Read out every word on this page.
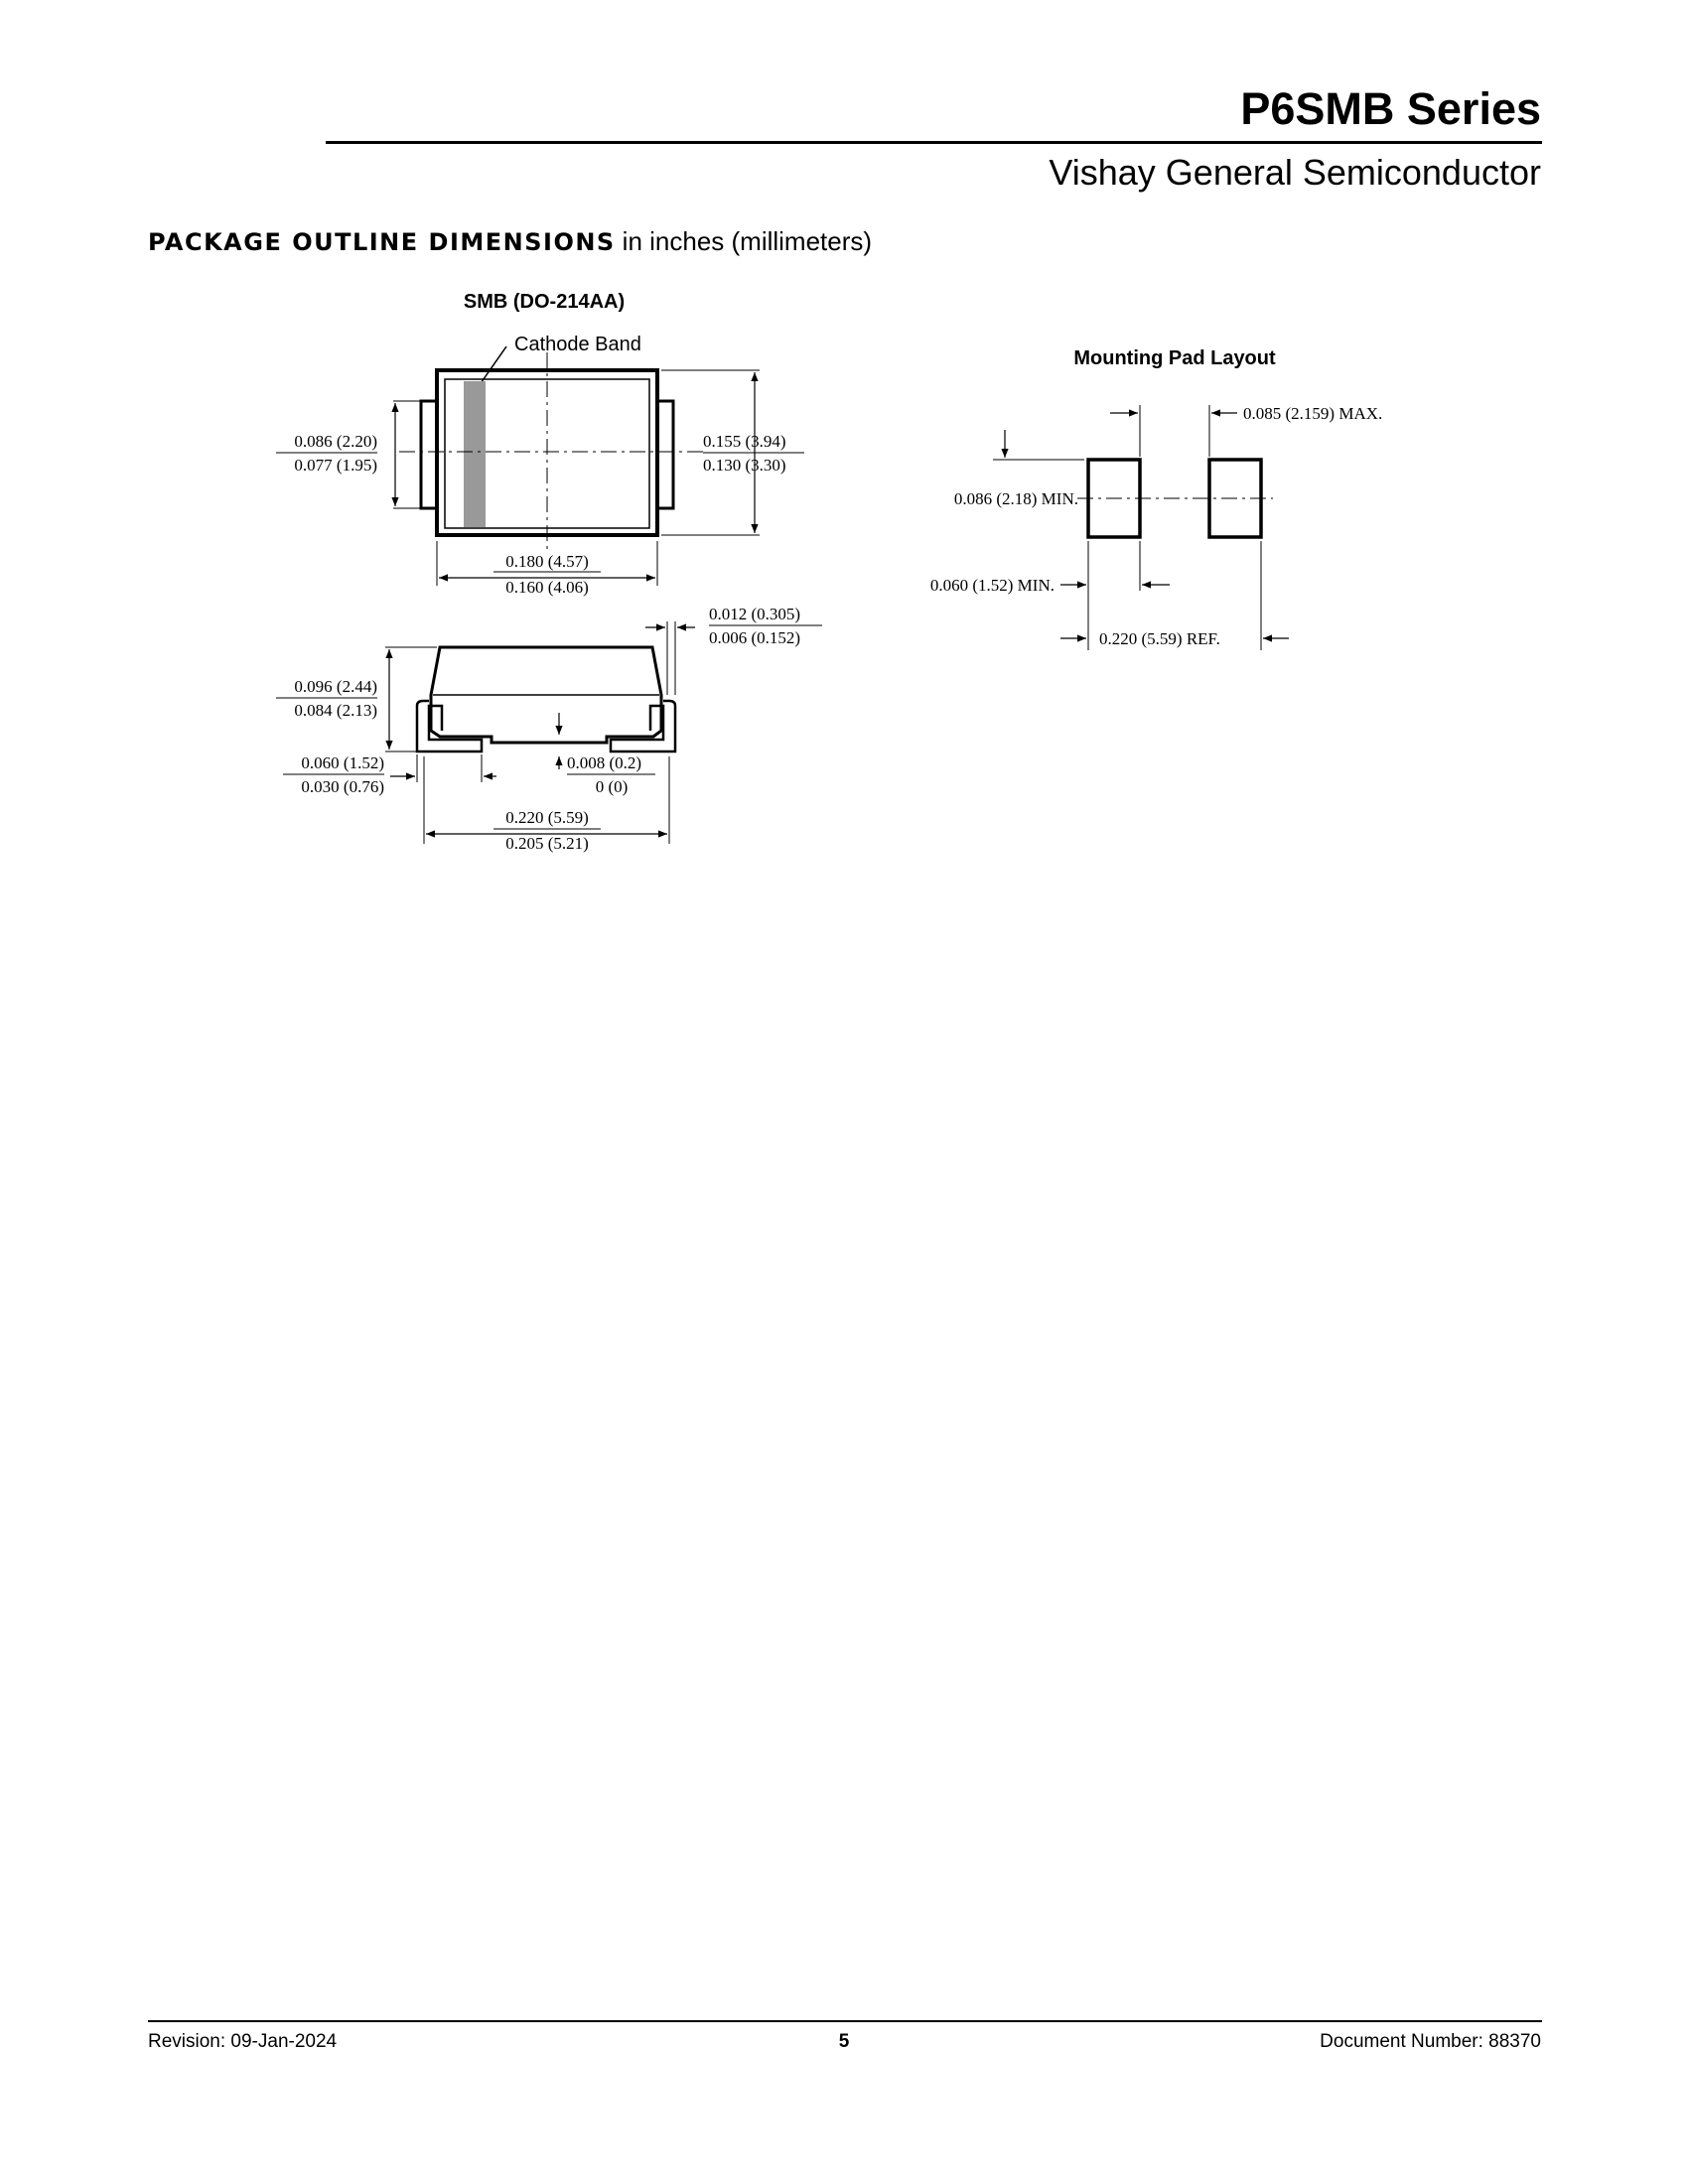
P6SMB Series
Vishay General Semiconductor
PACKAGE OUTLINE DIMENSIONS in inches (millimeters)
SMB (DO-214AA)
Cathode Band
0.086 (2.20)
0.077 (1.95)
0.155 (3.94)
0.130 (3.30)
0.180 (4.57)
0.160 (4.06)
0.012 (0.305)
0.006 (0.152)
0.096 (2.44)
0.084 (2.13)
0.008 (0.2)
0 (0)
0.060 (1.52)
0.030 (0.76)
0.220 (5.59)
0.205 (5.21)
Mounting Pad Layout
0.085 (2.159) MAX.
0.086 (2.18) MIN.
0.060 (1.52) MIN.
0.220 (5.59) REF.
Revision: 09-Jan-2024	5	Document Number: 88370
